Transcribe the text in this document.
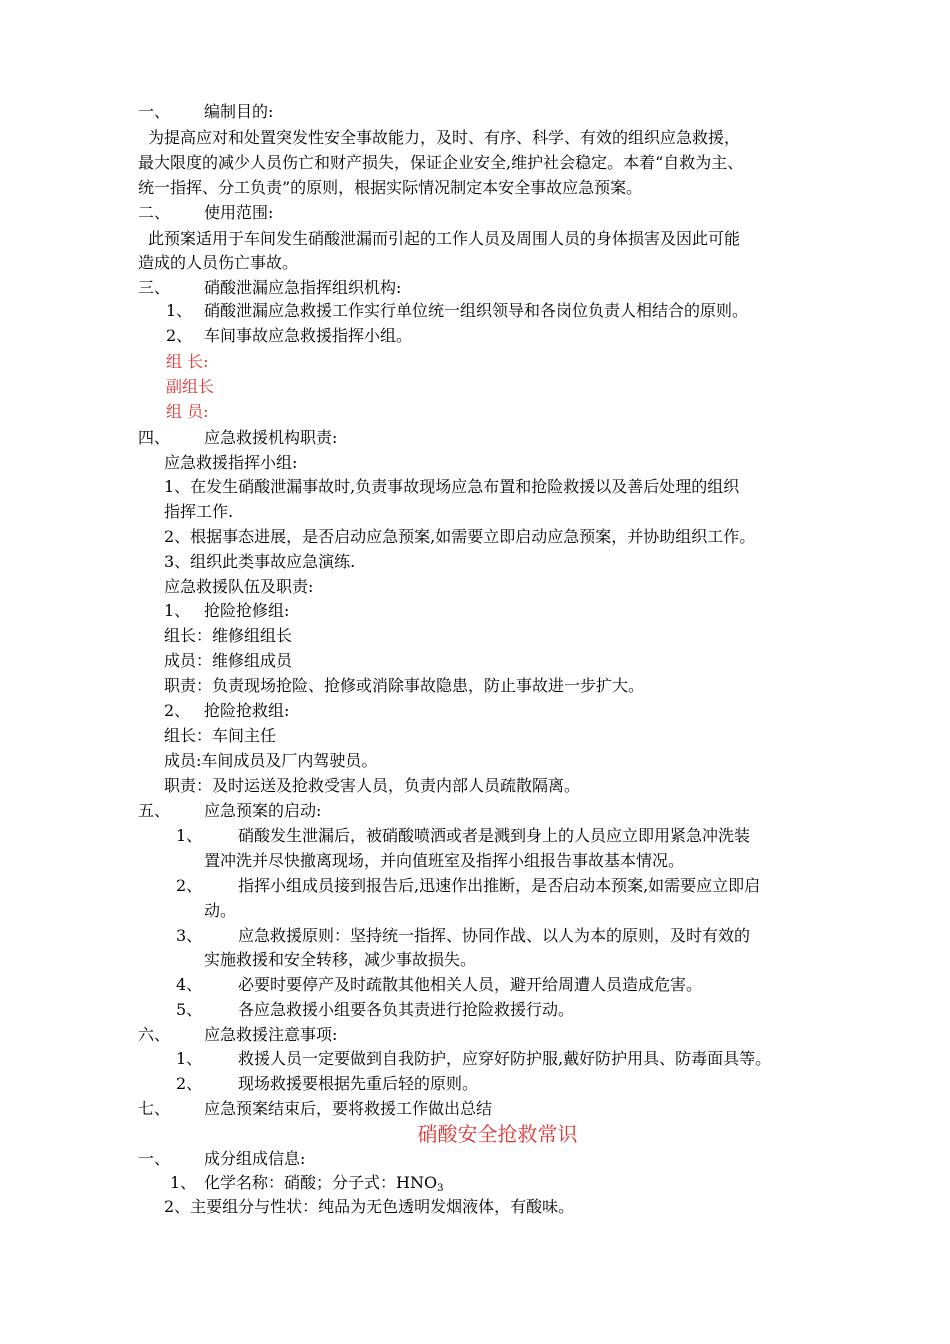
一、 编制目的:
为提高应对和处置突发性安全事故能力，及时、有序、科学、有效的组织应急救援，
最大限度的减少人员伤亡和财产损失，保证企业安全,维护社会稳定。本着“自救为主、
统一指挥、分工负责”的原则，根据实际情况制定本安全事故应急预案。
二、 使用范围:
此预案适用于车间发生硝酸泄漏而引起的工作人员及周围人员的身体损害及因此可能
造成的人员伤亡事故。
三、 硝酸泄漏应急指挥组织机构:
1、 硝酸泄漏应急救援工作实行单位统一组织领导和各岗位负责人相结合的原则。
2、 车间事故应急救援指挥小组。
组 长:
副组长
组 员:
四、 应急救援机构职责:
应急救援指挥小组:
1、在发生硝酸泄漏事故时,负责事故现场应急布置和抢险救援以及善后处理的组织
指挥工作.
2、根据事态进展，是否启动应急预案,如需要立即启动应急预案，并协助组织工作。
3、组织此类事故应急演练.
应急救援队伍及职责:
1、 抢险抢修组:
组长：维修组组长
成员：维修组成员
职责：负责现场抢险、抢修或消除事故隐患，防止事故进一步扩大。
2、 抢险抢救组:
组长：车间主任
成员:车间成员及厂内驾驶员。
职责：及时运送及抢救受害人员，负责内部人员疏散隔离。
五、 应急预案的启动:
1、 硝酸发生泄漏后，被硝酸喷洒或者是溅到身上的人员应立即用紧急冲洗装
置冲洗并尽快撤离现场，并向值班室及指挥小组报告事故基本情况。
2、 指挥小组成员接到报告后,迅速作出推断，是否启动本预案,如需要应立即启
动。
3、 应急救援原则：坚持统一指挥、协同作战、以人为本的原则，及时有效的
实施救援和安全转移，减少事故损失。
4、 必要时要停产及时疏散其他相关人员，避开给周遭人员造成危害。
5、 各应急救援小组要各负其责进行抢险救援行动。
六、 应急救援注意事项:
1、 救援人员一定要做到自我防护，应穿好防护服,戴好防护用具、防毒面具等。
2、 现场救援要根据先重后轻的原则。
七、 应急预案结束后，要将救援工作做出总结
硝酸安全抢救常识
一、 成分组成信息:
1、 化学名称：硝酸；分子式：$HNO_3$
2、主要组分与性状：纯品为无色透明发烟液体，有酸味。
